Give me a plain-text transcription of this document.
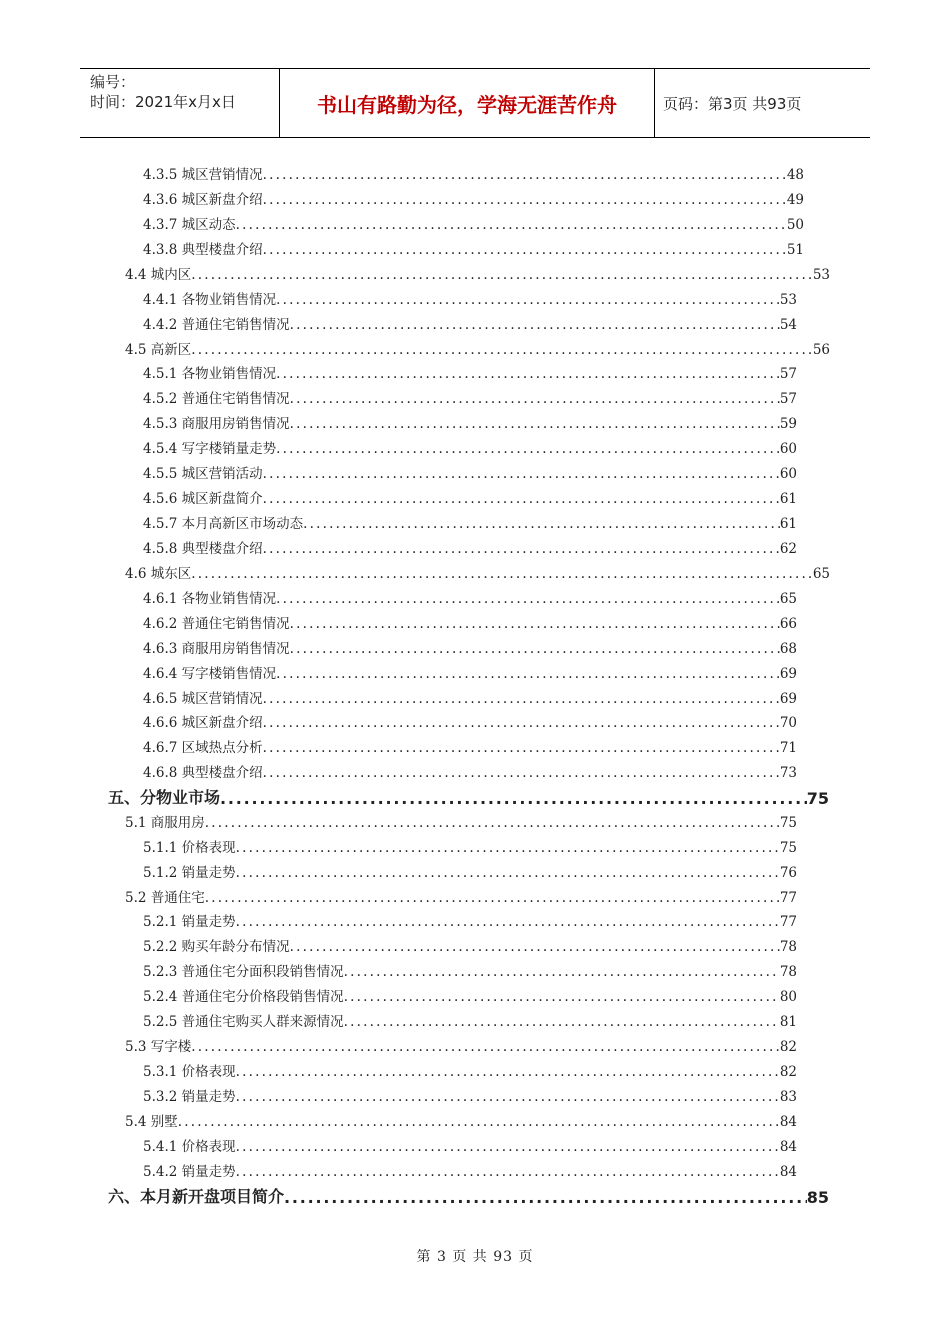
编号：
时间：2021年x月x日	书山有路勤为径，学海无涯苦作舟	页码：第3页 共93页
4.3.5 城区营销情况 .....	48
4.3.6 城区新盘介绍 .....	49
4.3.7 城区动态 .....	50
4.3.8 典型楼盘介绍 .....	51
4.4 城内区 .....	53
4.4.1 各物业销售情况 .....	53
4.4.2 普通住宅销售情况 .....	54
4.5 高新区 .....	56
4.5.1 各物业销售情况 .....	57
4.5.2 普通住宅销售情况 .....	57
4.5.3 商服用房销售情况 .....	59
4.5.4 写字楼销量走势 .....	60
4.5.5 城区营销活动 .....	60
4.5.6 城区新盘简介 .....	61
4.5.7 本月高新区市场动态 .....	61
4.5.8 典型楼盘介绍 .....	62
4.6 城东区 .....	65
4.6.1 各物业销售情况 .....	65
4.6.2 普通住宅销售情况 .....	66
4.6.3 商服用房销售情况 .....	68
4.6.4 写字楼销售情况 .....	69
4.6.5 城区营销情况 .....	69
4.6.6 城区新盘介绍 .....	70
4.6.7 区域热点分析 .....	71
4.6.8 典型楼盘介绍 .....	73
五、分物业市场 .....	75
5.1 商服用房 .....	75
5.1.1 价格表现 .....	75
5.1.2 销量走势 .....	76
5.2 普通住宅 .....	77
5.2.1 销量走势 .....	77
5.2.2 购买年龄分布情况 .....	78
5.2.3 普通住宅分面积段销售情况 .....	78
5.2.4 普通住宅分价格段销售情况 .....	80
5.2.5 普通住宅购买人群来源情况 .....	81
5.3 写字楼 .....	82
5.3.1 价格表现 .....	82
5.3.2 销量走势 .....	83
5.4 别墅 .....	84
5.4.1 价格表现 .....	84
5.4.2 销量走势 .....	84
六、本月新开盘项目简介 .....	85
第 3 页 共 93 页
